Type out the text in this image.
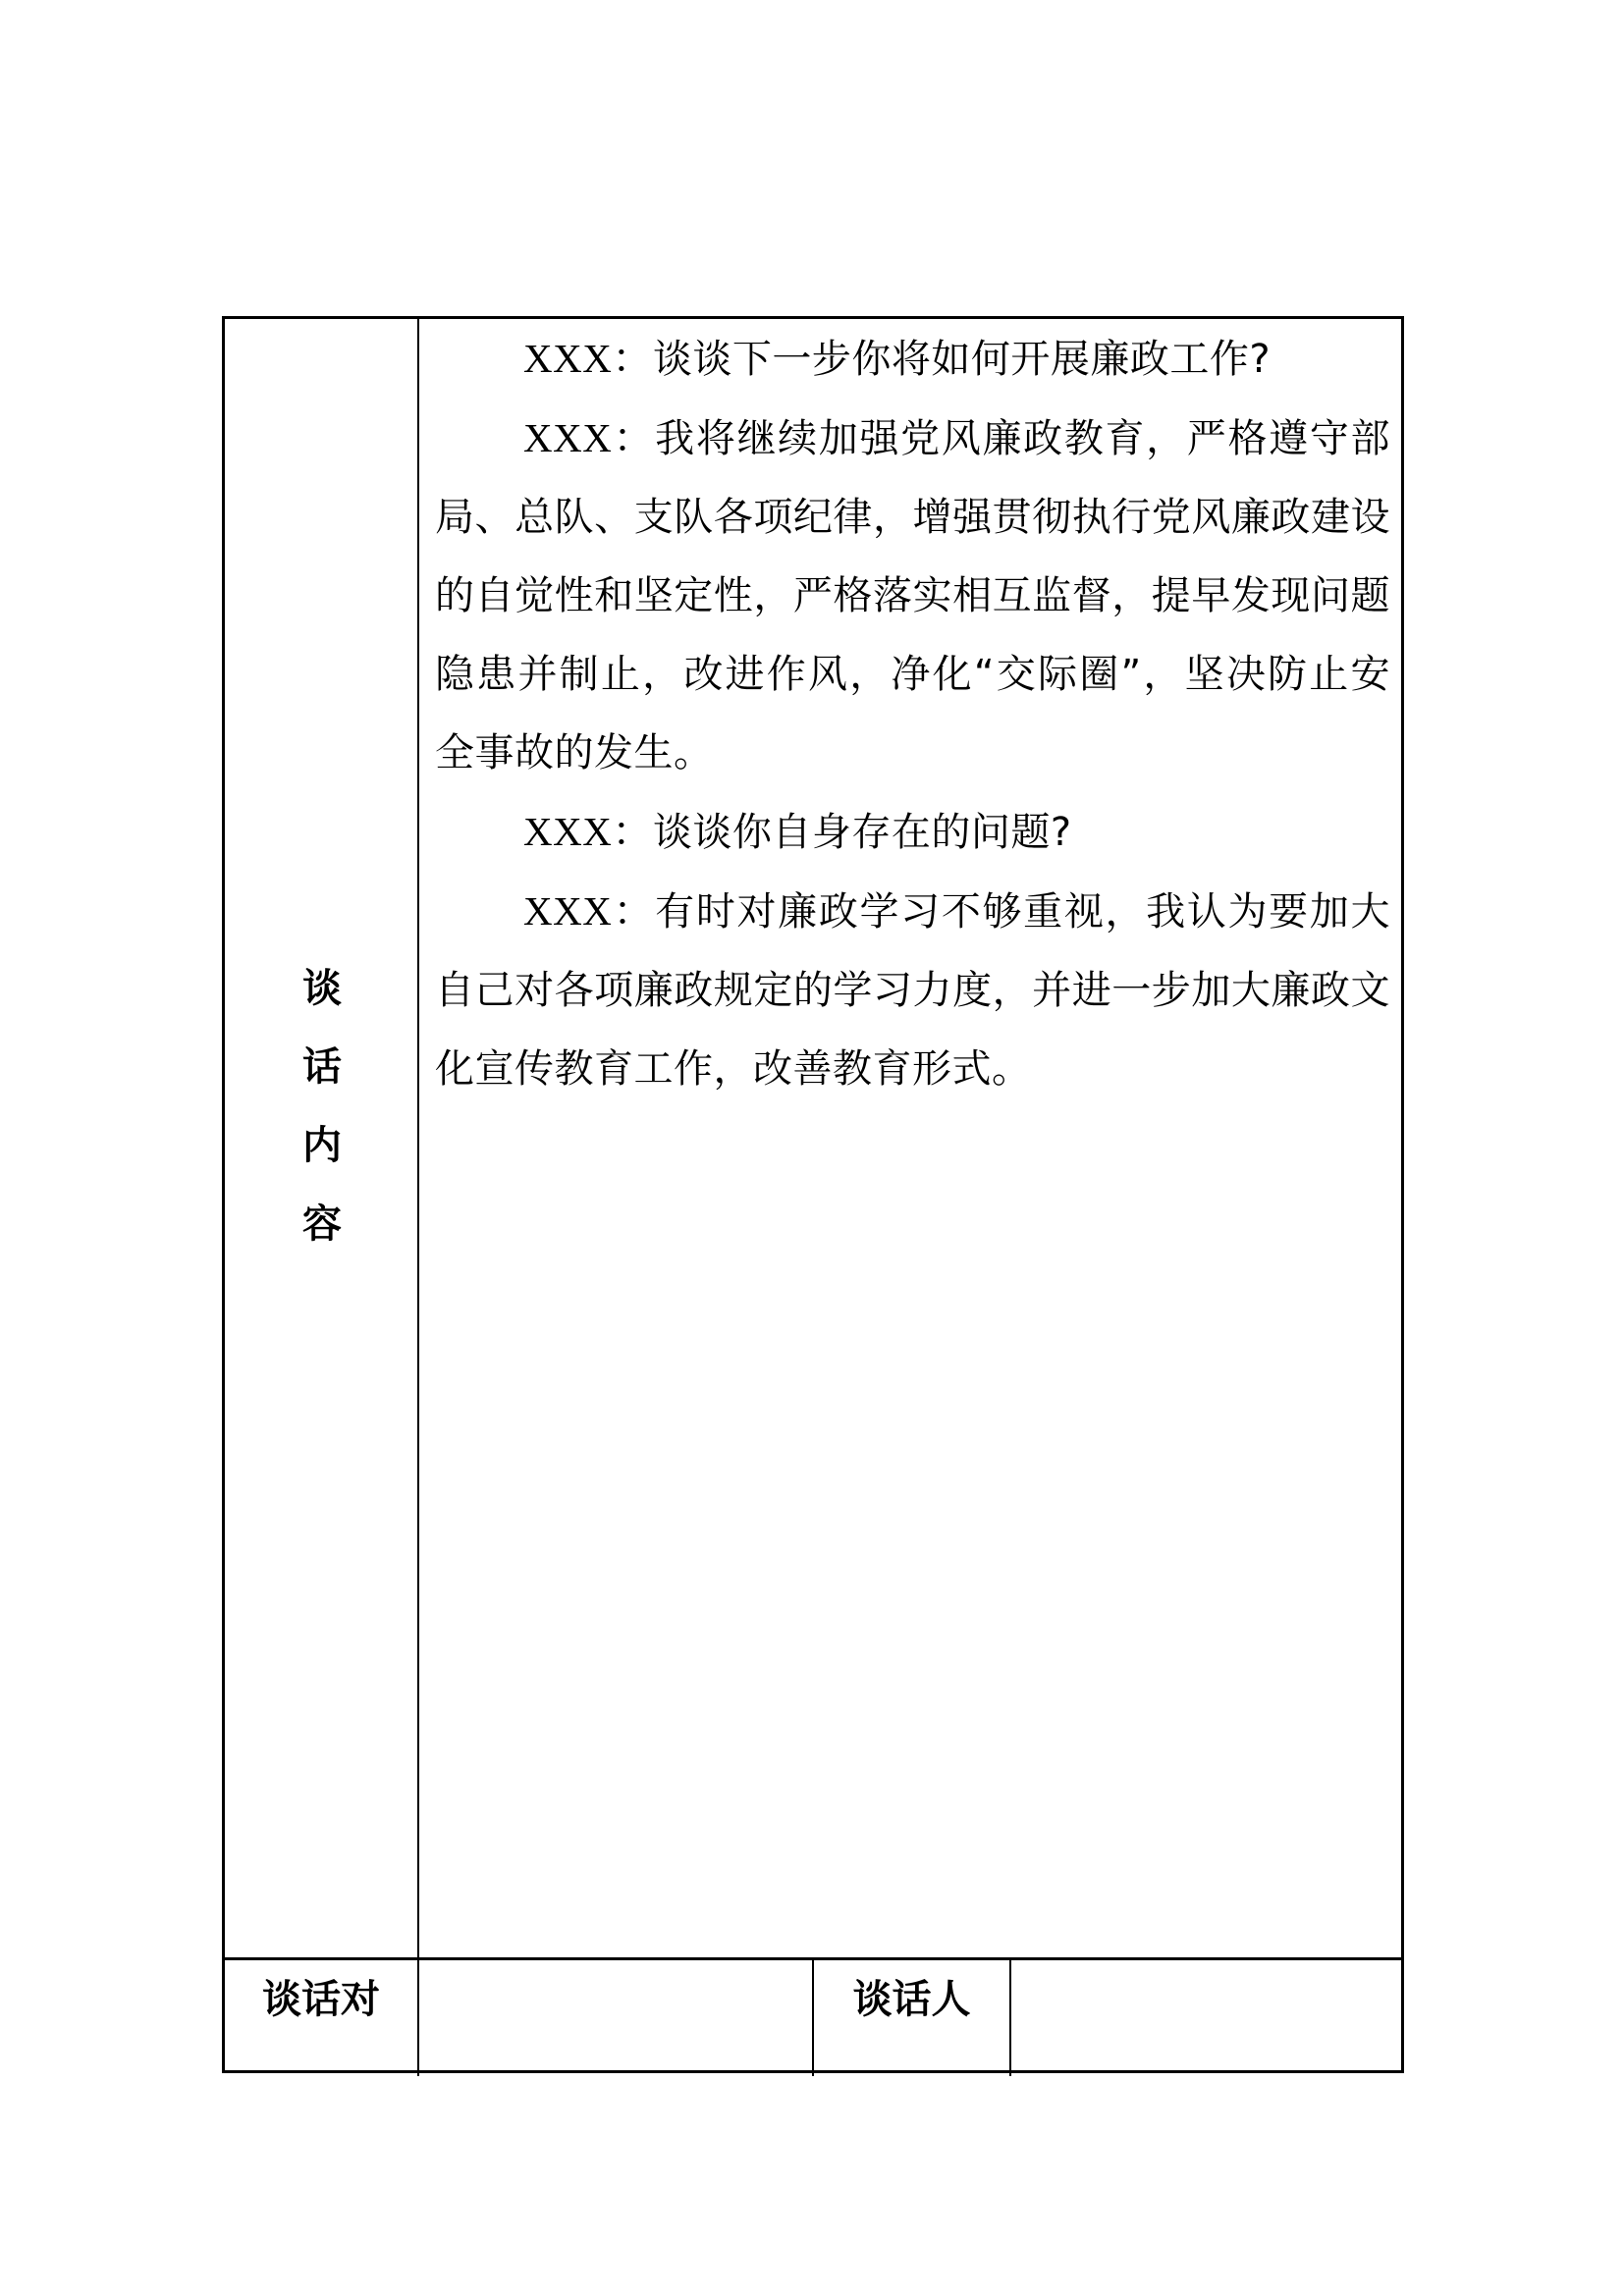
谈
话
内
容

XXX：谈谈下一步你将如何开展廉政工作?

XXX：我将继续加强党风廉政教育，严格遵守部局、总队、支队各项纪律，增强贯彻执行党风廉政建设的自觉性和坚定性，严格落实相互监督，提早发现问题隐患并制止，改进作风，净化“交际圈”，坚决防止安全事故的发生。

XXX：谈谈你自身存在的问题?

XXX：有时对廉政学习不够重视，我认为要加大自己对各项廉政规定的学习力度，并进一步加大廉政文化宣传教育工作，改善教育形式。

谈话对	谈话人
